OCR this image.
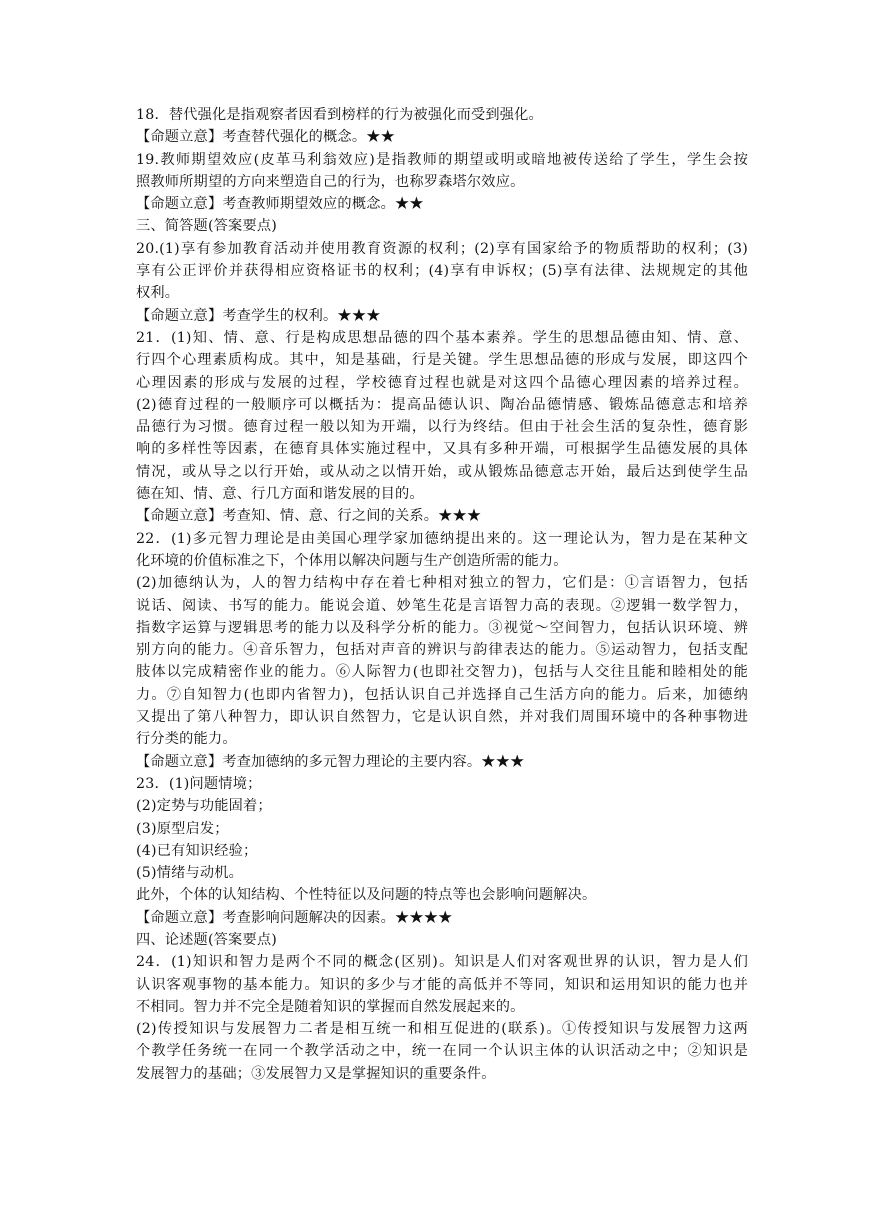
18．替代强化是指观察者因看到榜样的行为被强化而受到强化。
【命题立意】考查替代强化的概念。★★
19.教师期望效应(皮革马利翁效应)是指教师的期望或明或暗地被传送给了学生，学生会按
照教师所期望的方向来塑造自己的行为，也称罗森塔尔效应。
【命题立意】考查教师期望效应的概念。★★
三、简答题(答案要点)
20.(1)享有参加教育活动并使用教育资源的权利；(2)享有国家给予的物质帮助的权利；(3)
享有公正评价并获得相应资格证书的权利；(4)享有申诉权；(5)享有法律、法规规定的其他
权利。
【命题立意】考查学生的权利。★★★
21．(1)知、情、意、行是构成思想品德的四个基本素养。学生的思想品德由知、情、意、
行四个心理素质构成。其中，知是基础，行是关键。学生思想品德的形成与发展，即这四个
心理因素的形成与发展的过程，学校德育过程也就是对这四个品德心理因素的培养过程。
(2)德育过程的一般顺序可以概括为：提高品德认识、陶冶品德情感、锻炼品德意志和培养
品德行为习惯。德育过程一般以知为开端，以行为终结。但由于社会生活的复杂性，德育影
响的多样性等因素，在德育具体实施过程中，又具有多种开端，可根据学生品德发展的具体
情况，或从导之以行开始，或从动之以情开始，或从锻炼品德意志开始，最后达到使学生品
德在知、情、意、行几方面和谐发展的目的。
【命题立意】考查知、情、意、行之间的关系。★★★
22．(1)多元智力理论是由美国心理学家加德纳提出来的。这一理论认为，智力是在某种文
化环境的价值标准之下，个体用以解决问题与生产创造所需的能力。
(2)加德纳认为，人的智力结构中存在着七种相对独立的智力，它们是：①言语智力，包括
说话、阅读、书写的能力。能说会道、妙笔生花是言语智力高的表现。②逻辑一数学智力，
指数字运算与逻辑思考的能力以及科学分析的能力。③视觉～空间智力，包括认识环境、辨
别方向的能力。④音乐智力，包括对声音的辨识与韵律表达的能力。⑤运动智力，包括支配
肢体以完成精密作业的能力。⑥人际智力(也即社交智力)，包括与人交往且能和睦相处的能
力。⑦自知智力(也即内省智力)，包括认识自己并选择自己生活方向的能力。后来，加德纳
又提出了第八种智力，即认识自然智力，它是认识自然，并对我们周围环境中的各种事物进
行分类的能力。
【命题立意】考查加德纳的多元智力理论的主要内容。★★★
23．(1)问题情境；
(2)定势与功能固着；
(3)原型启发；
(4)已有知识经验；
(5)情绪与动机。
此外，个体的认知结构、个性特征以及问题的特点等也会影响问题解决。
【命题立意】考查影响问题解决的因素。★★★★
四、论述题(答案要点)
24．(1)知识和智力是两个不同的概念(区别)。知识是人们对客观世界的认识，智力是人们
认识客观事物的基本能力。知识的多少与才能的高低并不等同，知识和运用知识的能力也并
不相同。智力并不完全是随着知识的掌握而自然发展起来的。
(2)传授知识与发展智力二者是相互统一和相互促进的(联系)。①传授知识与发展智力这两
个教学任务统一在同一个教学活动之中，统一在同一个认识主体的认识活动之中；②知识是
发展智力的基础；③发展智力又是掌握知识的重要条件。
